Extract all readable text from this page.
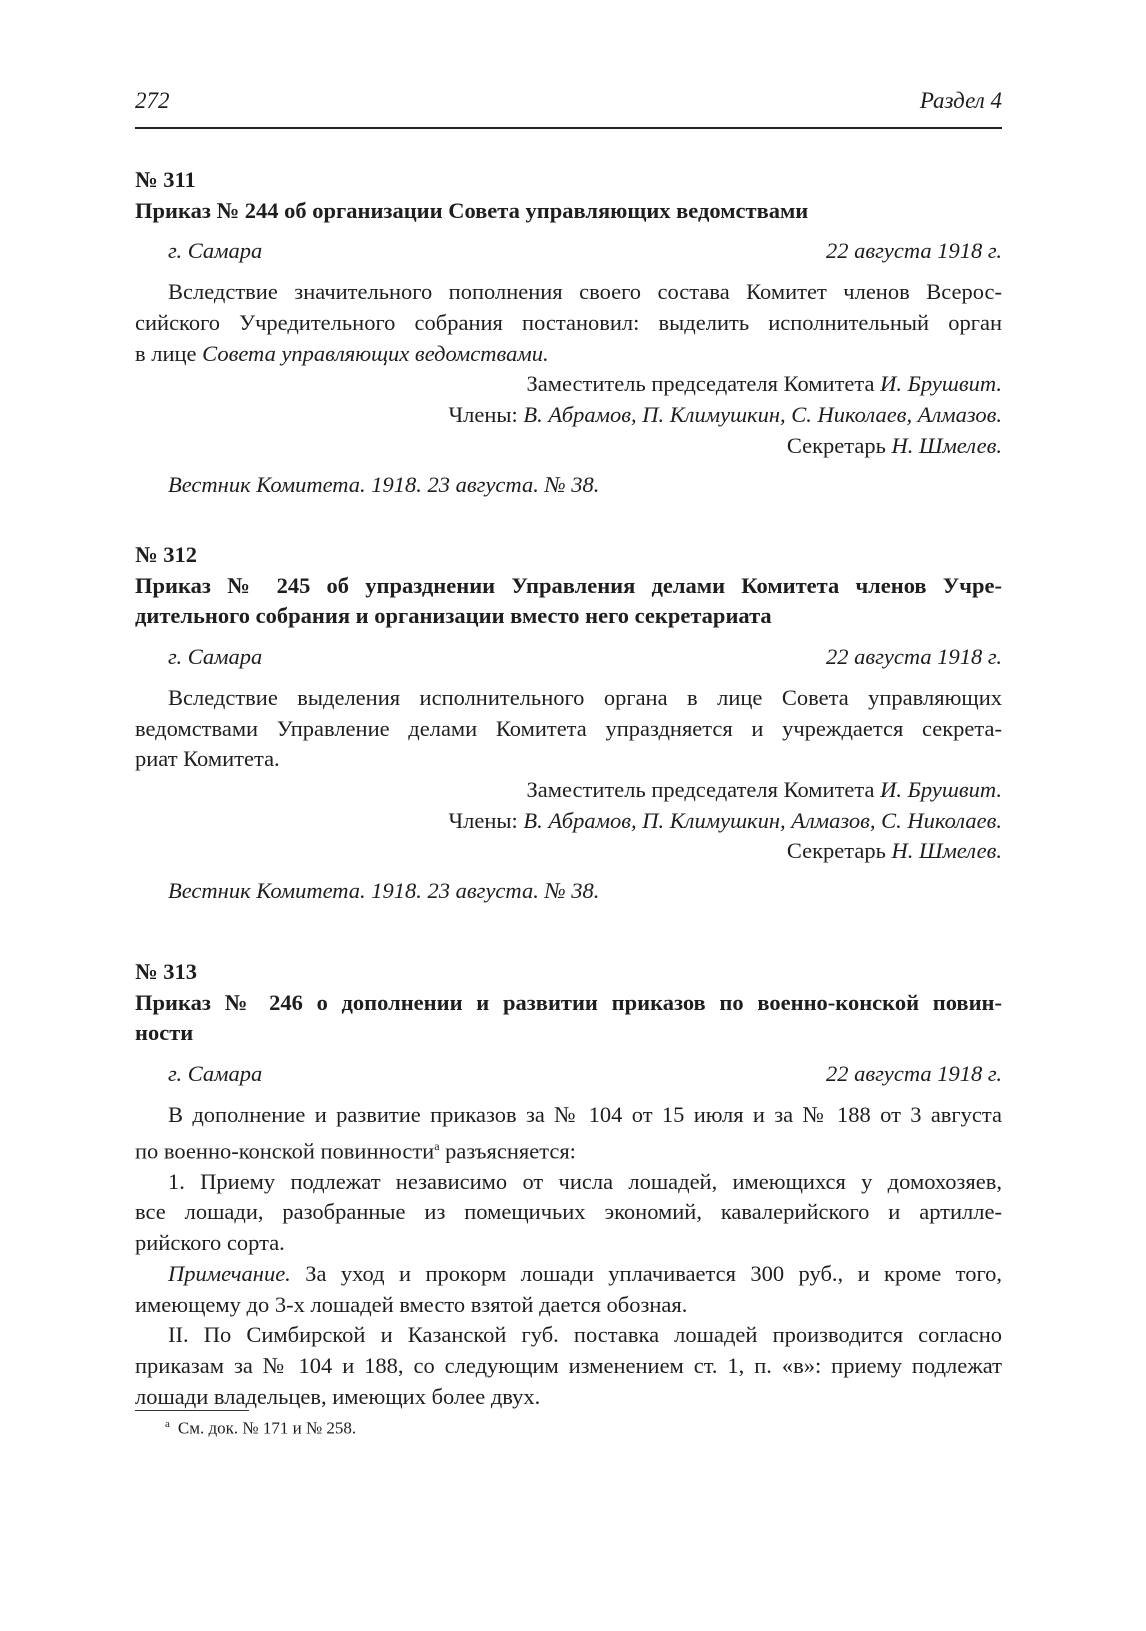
272	Раздел 4
№ 311
Приказ № 244 об организации Совета управляющих ведомствами
г. Самара	22 августа 1918 г.
Вследствие значительного пополнения своего состава Комитет членов Всерос-
сийского Учредительного собрания постановил: выделить исполнительный орган
в лице Совета управляющих ведомствами.
Заместитель председателя Комитета И. Брушвит.
Члены: В. Абрамов, П. Климушкин, С. Николаев, Алмазов.
Секретарь Н. Шмелев.
Вестник Комитета. 1918. 23 августа. № 38.
№ 312
Приказ № 245 об упразднении Управления делами Комитета членов Учре-
дительного собрания и организации вместо него секретариата
г. Самара	22 августа 1918 г.
Вследствие выделения исполнительного органа в лице Совета управляющих
ведомствами Управление делами Комитета упраздняется и учреждается секрета-
риат Комитета.
Заместитель председателя Комитета И. Брушвит.
Члены: В. Абрамов, П. Климушкин, Алмазов, С. Николаев.
Секретарь Н. Шмелев.
Вестник Комитета. 1918. 23 августа. № 38.
№ 313
Приказ № 246 о дополнении и развитии приказов по военно-конской повин-
ности
г. Самара	22 августа 1918 г.
В дополнение и развитие приказов за № 104 от 15 июля и за № 188 от 3 августа
по военно-конской повинности$^а$ разъясняется:
1. Приему подлежат независимо от числа лошадей, имеющихся у домохозяев,
все лошади, разобранные из помещичьих экономий, кавалерийского и артилле-
рийского сорта.
Примечание. За уход и прокорм лошади уплачивается 300 руб., и кроме того,
имеющему до 3-х лошадей вместо взятой дается обозная.
II. По Симбирской и Казанской губ. поставка лошадей производится согласно
приказам за № 104 и 188, со следующим изменением ст. 1, п. «в»: приему подлежат
лошади владельцев, имеющих более двух.
$^а$ См. док. № 171 и № 258.
